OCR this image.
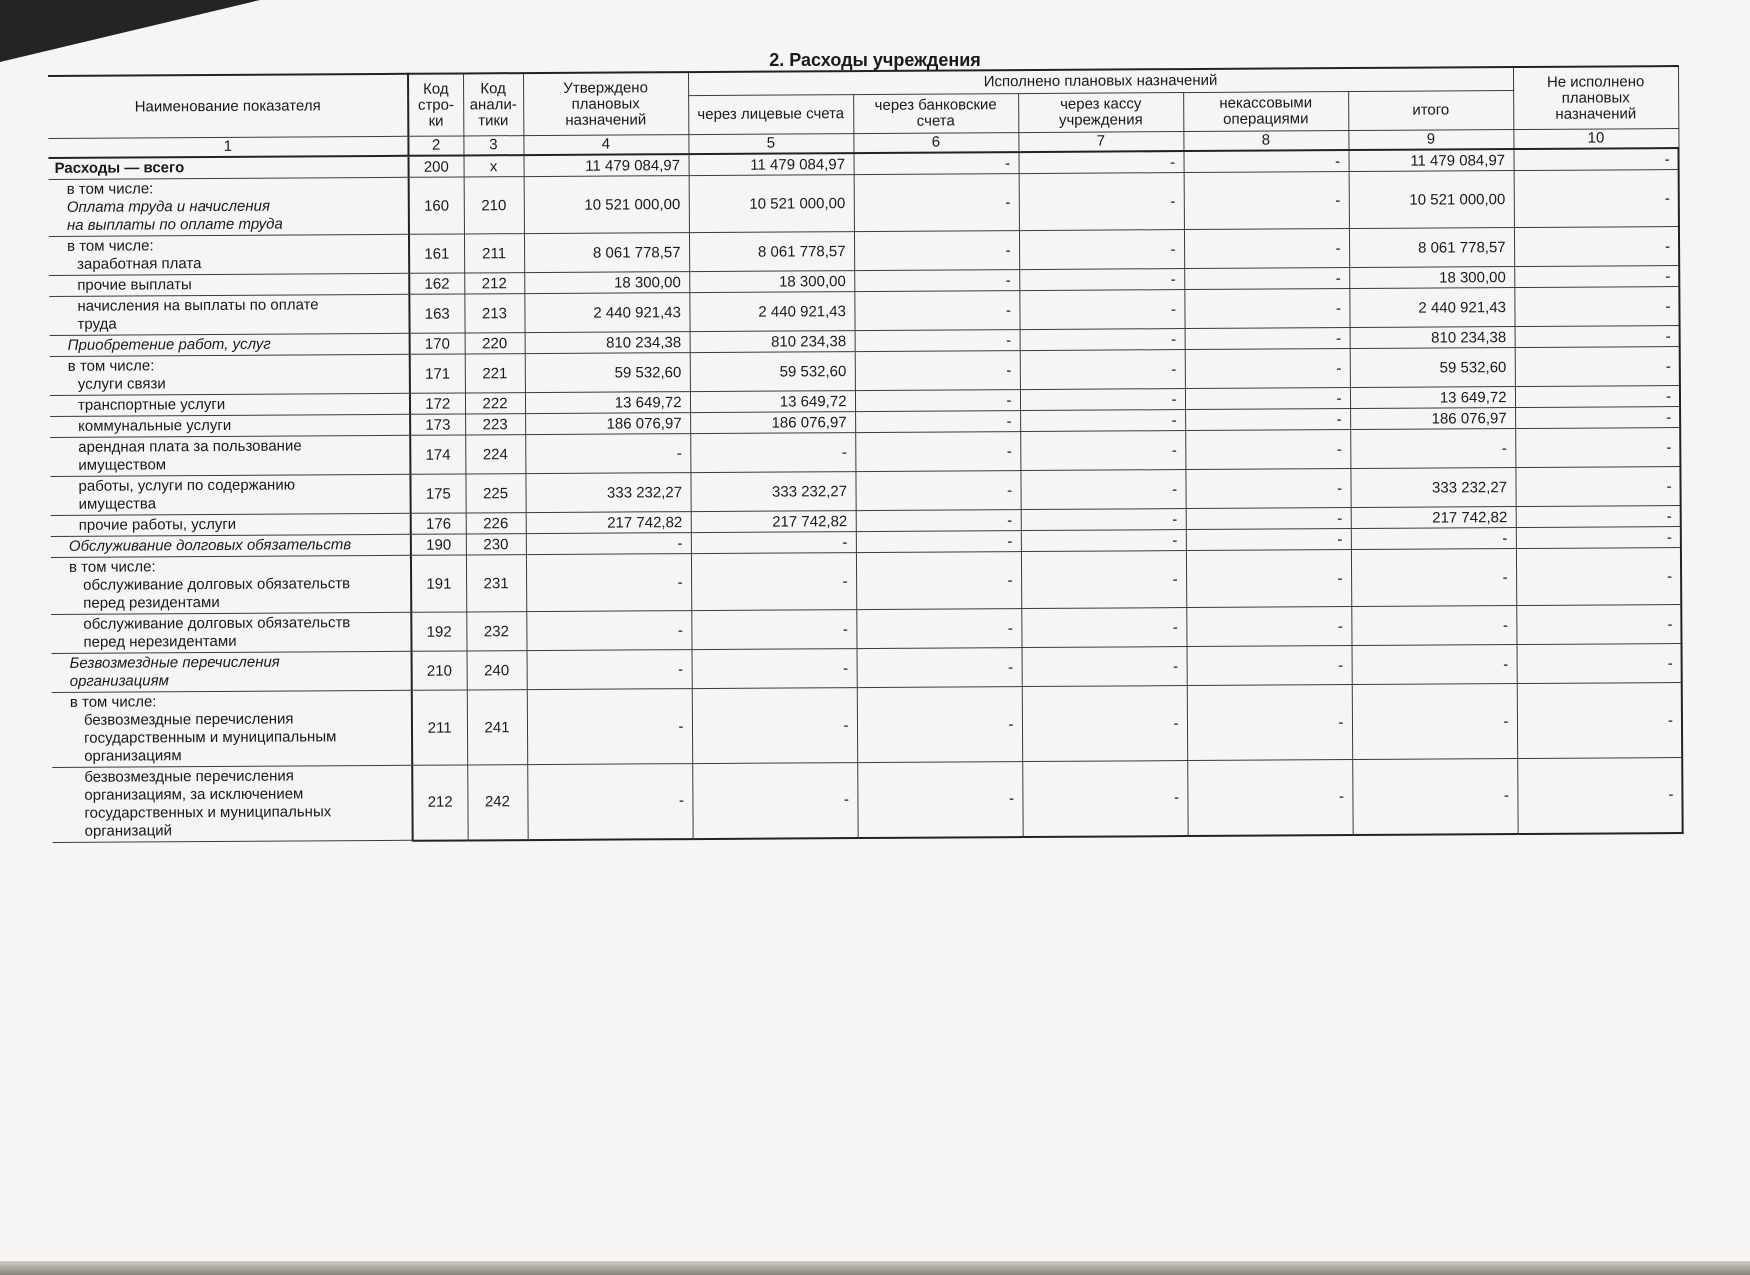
2. Расходы учреждения
Наименование показателя	Код стро-ки	Код анали-тики	Утверждено плановых назначений	Исполнено плановых назначений					Не исполнено плановых назначений
				через лицевые счета	через банковские счета	через кассу учреждения	некассовыми операциями	итого	
1	2	3	4	5	6	7	8	9	10

Расходы — всего	200	x	11 479 084,97	11 479 084,97	-	-	-	11 479 084,97	-

в том числе:
Оплата труда и начисления
на выплаты по оплате труда	160	210	10 521 000,00	10 521 000,00	-	-	-	10 521 000,00	-

в том числе:
заработная плата	161	211	8 061 778,57	8 061 778,57	-	-	-	8 061 778,57	-

прочие выплаты	162	212	18 300,00	18 300,00	-	-	-	18 300,00	-

начисления на выплаты по оплате
труда	163	213	2 440 921,43	2 440 921,43	-	-	-	2 440 921,43	-

Приобретение работ, услуг	170	220	810 234,38	810 234,38	-	-	-	810 234,38	-

в том числе:
услуги связи	171	221	59 532,60	59 532,60	-	-	-	59 532,60	-

транспортные услуги	172	222	13 649,72	13 649,72	-	-	-	13 649,72	-

коммунальные услуги	173	223	186 076,97	186 076,97	-	-	-	186 076,97	-

арендная плата за пользование
имуществом	174	224	-	-	-	-	-	-	-

работы, услуги по содержанию
имущества	175	225	333 232,27	333 232,27	-	-	-	333 232,27	-

прочие работы, услуги	176	226	217 742,82	217 742,82	-	-	-	217 742,82	-

Обслуживание долговых обязательств	190	230	-	-	-	-	-	-	-

в том числе:
обслуживание долговых обязательств
перед резидентами	191	231	-	-	-	-	-	-	-

обслуживание долговых обязательств
перед нерезидентами	192	232	-	-	-	-	-	-	-

Безвозмездные перечисления
организациям	210	240	-	-	-	-	-	-	-

в том числе:
безвозмездные перечисления
государственным и муниципальным
организациям	211	241	-	-	-	-	-	-	-

безвозмездные перечисления
организациям, за исключением
государственных и муниципальных
организаций	212	242	-	-	-	-	-	-	-
